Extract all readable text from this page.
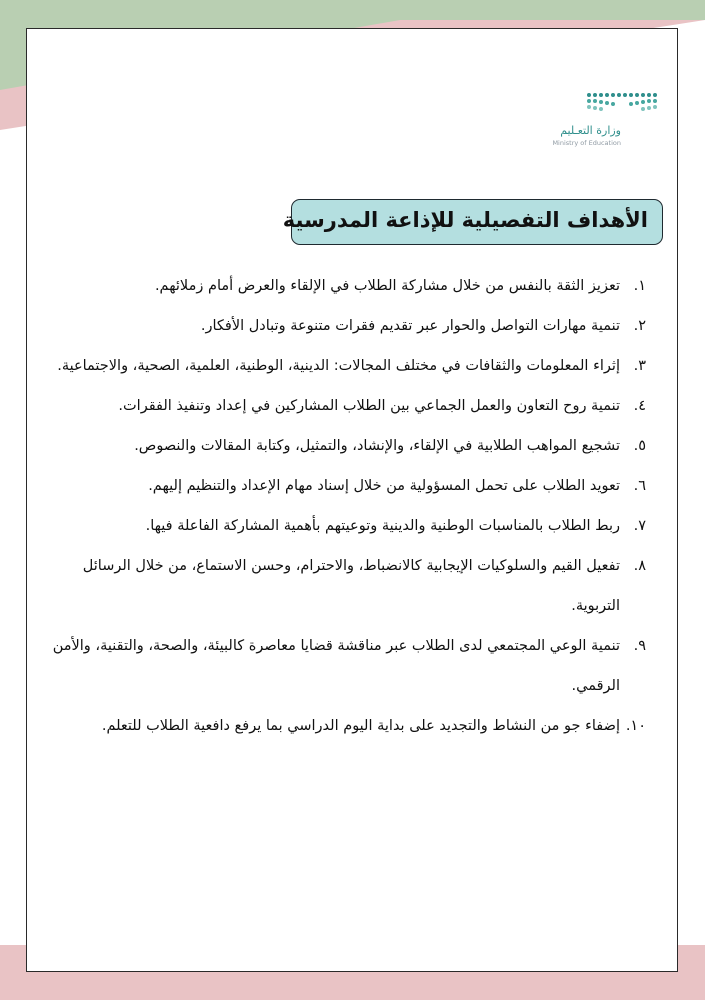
وزارة التعـليم
Ministry of Education
الأهداف التفصيلية للإذاعة المدرسية
١.
تعزيز الثقة بالنفس من خلال مشاركة الطلاب في الإلقاء والعرض أمام زملائهم.
٢.
تنمية مهارات التواصل والحوار عبر تقديم فقرات متنوعة وتبادل الأفكار.
٣.
إثراء المعلومات والثقافات في مختلف المجالات: الدينية، الوطنية، العلمية، الصحية، والاجتماعية.
٤.
تنمية روح التعاون والعمل الجماعي بين الطلاب المشاركين في إعداد وتنفيذ الفقرات.
٥.
تشجيع المواهب الطلابية في الإلقاء، والإنشاد، والتمثيل، وكتابة المقالات والنصوص.
٦.
تعويد الطلاب على تحمل المسؤولية من خلال إسناد مهام الإعداد والتنظيم إليهم.
٧.
ربط الطلاب بالمناسبات الوطنية والدينية وتوعيتهم بأهمية المشاركة الفاعلة فيها.
٨.
تفعيل القيم والسلوكيات الإيجابية كالانضباط، والاحترام، وحسن الاستماع، من خلال الرسائل التربوية.
٩.
تنمية الوعي المجتمعي لدى الطلاب عبر مناقشة قضايا معاصرة كالبيئة، والصحة، والتقنية، والأمن الرقمي.
١٠.
إضفاء جو من النشاط والتجديد على بداية اليوم الدراسي بما يرفع دافعية الطلاب للتعلم.
